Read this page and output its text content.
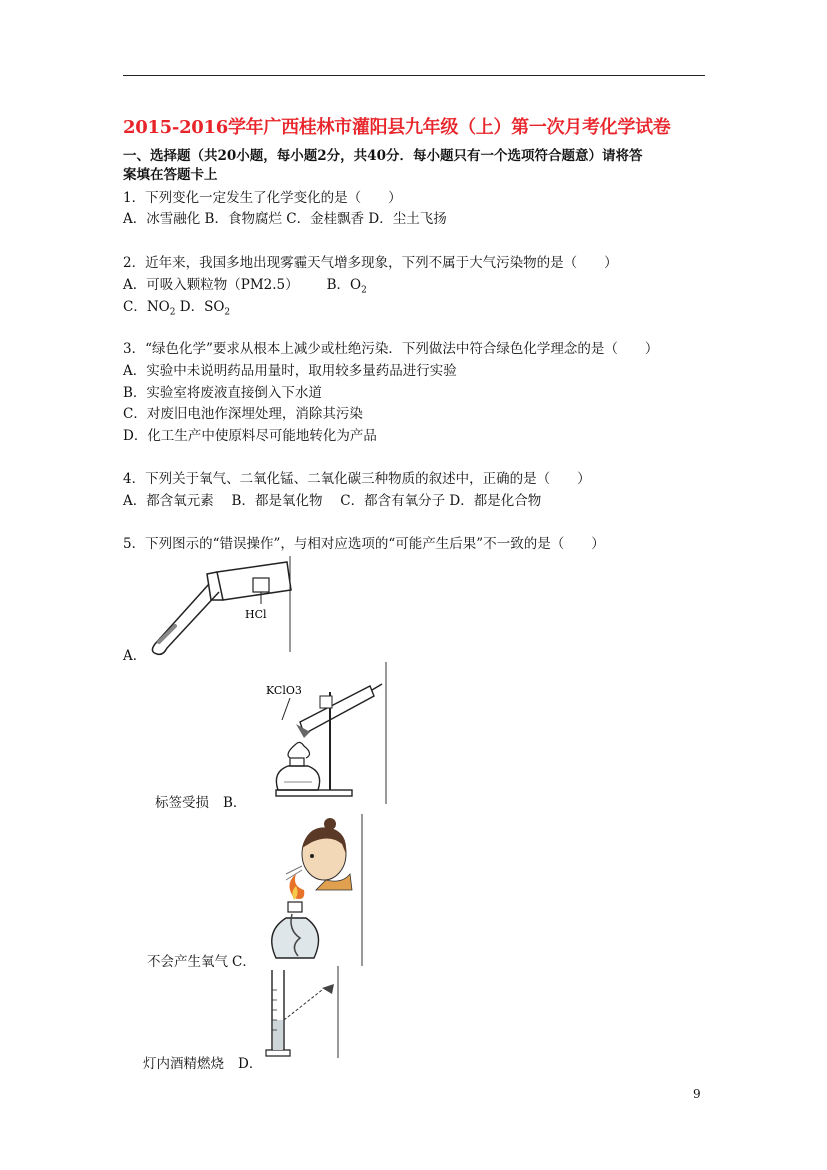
2015-2016学年广西桂林市灌阳县九年级（上）第一次月考化学试卷
一、选择题（共20小题，每小题2分，共40分．每小题只有一个选项符合题意）请将答
案填在答题卡上
1．下列变化一定发生了化学变化的是（　　）
A．冰雪融化 B．食物腐烂 C．金桂飘香 D．尘土飞扬
2．近年来，我国多地出现雾霾天气增多现象，下列不属于大气污染物的是（　　）
A．可吸入颗粒物（PM2.5） B．$O_2$
C．$NO_2$ D．$SO_2$
3．“绿色化学”要求从根本上减少或杜绝污染．下列做法中符合绿色化学理念的是（　　）
A．实验中未说明药品用量时，取用较多量药品进行实验
B．实验室将废液直接倒入下水道
C．对废旧电池作深埋处理，消除其污染
D．化工生产中使原料尽可能地转化为产品
4．下列关于氧气、二氧化锰、二氧化碳三种物质的叙述中，正确的是（　　）
A．都含氧元素　 B．都是氧化物　 C．都含有氧分子 D．都是化合物
5．下列图示的“错误操作”，与相对应选项的“可能产生后果”不一致的是（　　）
HCl
A．
KClO3
标签受损 B．
不会产生氧气 C．
灯内酒精燃烧 D．
9
